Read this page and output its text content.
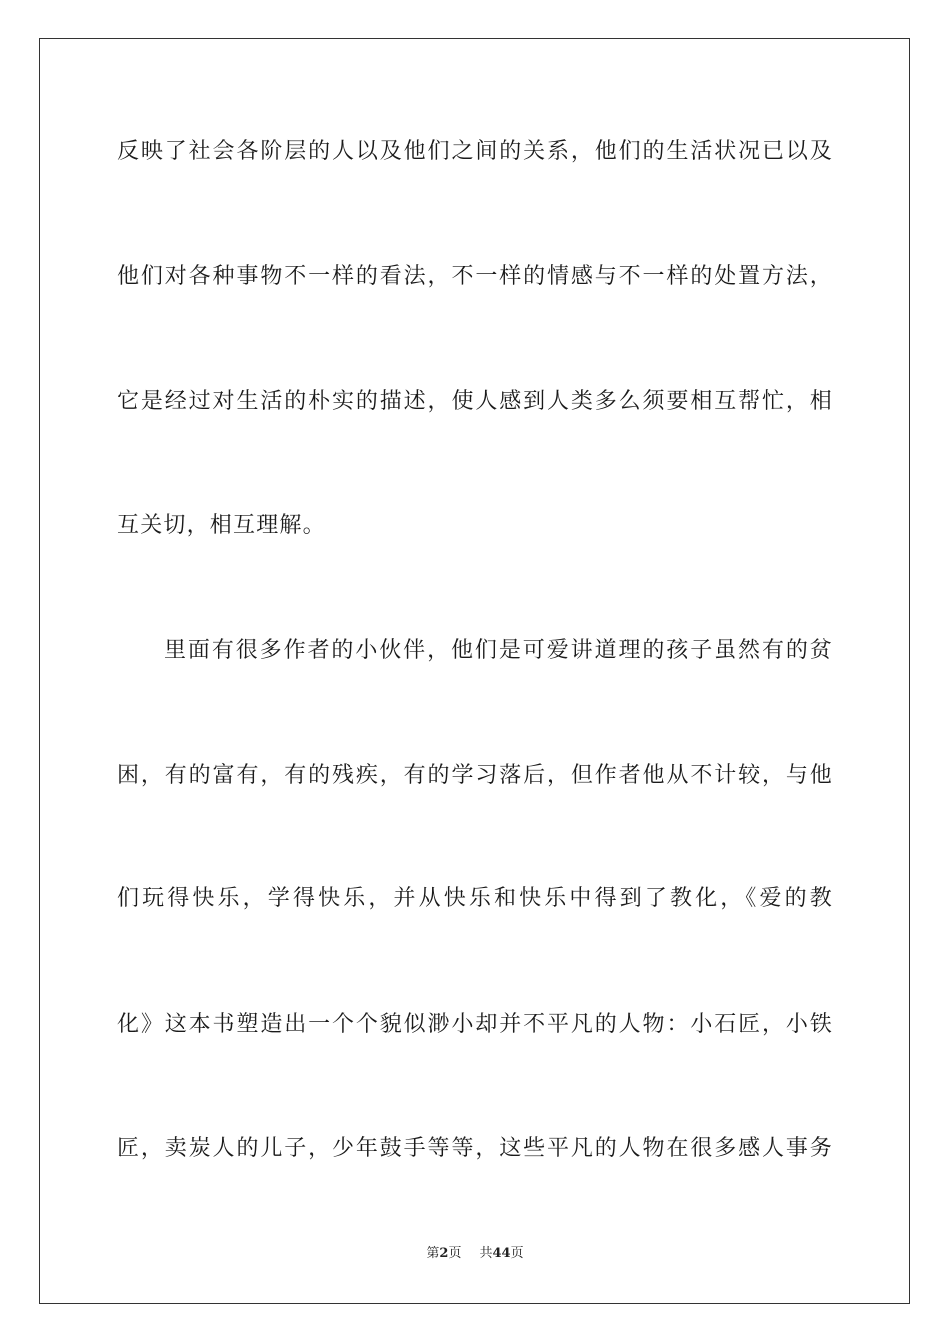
反映了社会各阶层的人以及他们之间的关系，他们的生活状况已以及
他们对各种事物不一样的看法，不一样的情感与不一样的处置方法，
它是经过对生活的朴实的描述，使人感到人类多么须要相互帮忙，相
互关切，相互理解。
里面有很多作者的小伙伴，他们是可爱讲道理的孩子虽然有的贫
困，有的富有，有的残疾，有的学习落后，但作者他从不计较，与他
们玩得快乐，学得快乐，并从快乐和快乐中得到了教化，《爱的教
化》这本书塑造出一个个貌似渺小却并不平凡的人物：小石匠，小铁
匠，卖炭人的儿子，少年鼓手等等，这些平凡的人物在很多感人事务
第2页 共44页
